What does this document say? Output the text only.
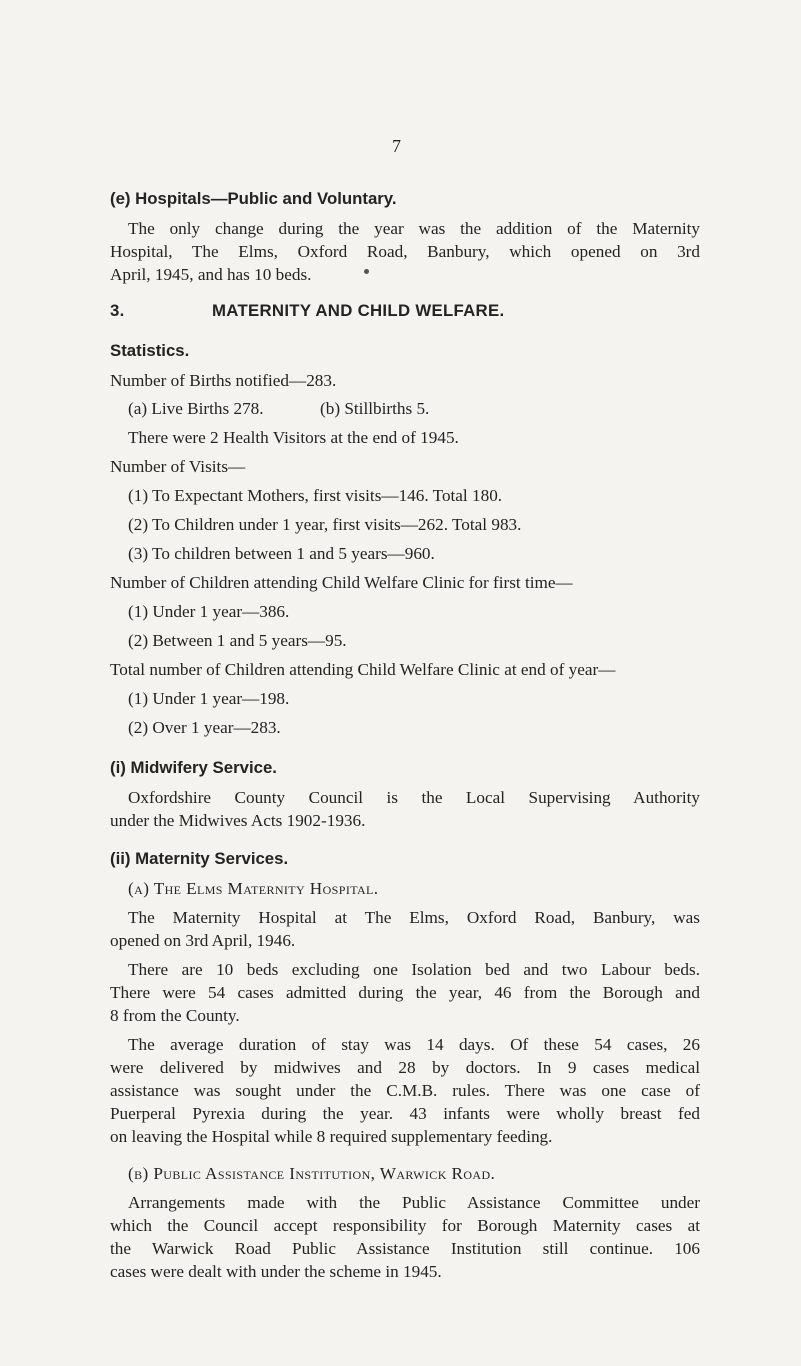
7
(e) Hospitals—Public and Voluntary.
The only change during the year was the addition of the Maternity
Hospital, The Elms, Oxford Road, Banbury, which opened on 3rd
April, 1945, and has 10 beds.
3.	MATERNITY AND CHILD WELFARE.
Statistics.
Number of Births notified—283.
(a) Live Births 278.	(b) Stillbirths 5.
There were 2 Health Visitors at the end of 1945.
Number of Visits—
(1) To Expectant Mothers, first visits—146. Total 180.
(2) To Children under 1 year, first visits—262. Total 983.
(3) To children between 1 and 5 years—960.
Number of Children attending Child Welfare Clinic for first time—
(1) Under 1 year—386.
(2) Between 1 and 5 years—95.
Total number of Children attending Child Welfare Clinic at end of year—
(1) Under 1 year—198.
(2) Over 1 year—283.
(i) Midwifery Service.
Oxfordshire County Council is the Local Supervising Authority
under the Midwives Acts 1902-1936.
(ii) Maternity Services.
(a) The Elms Maternity Hospital.
The Maternity Hospital at The Elms, Oxford Road, Banbury, was
opened on 3rd April, 1946.
There are 10 beds excluding one Isolation bed and two Labour beds.
There were 54 cases admitted during the year, 46 from the Borough and
8 from the County.
The average duration of stay was 14 days. Of these 54 cases, 26
were delivered by midwives and 28 by doctors. In 9 cases medical
assistance was sought under the C.M.B. rules. There was one case of
Puerperal Pyrexia during the year. 43 infants were wholly breast fed
on leaving the Hospital while 8 required supplementary feeding.
(b) Public Assistance Institution, Warwick Road.
Arrangements made with the Public Assistance Committee under
which the Council accept responsibility for Borough Maternity cases at
the Warwick Road Public Assistance Institution still continue. 106
cases were dealt with under the scheme in 1945.
